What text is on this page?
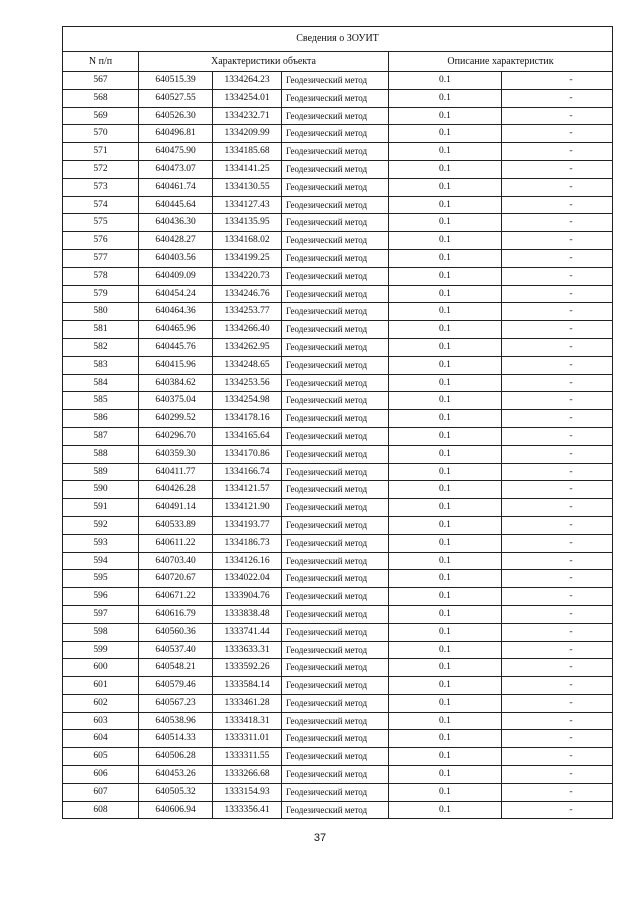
Сведения о ЗОУИТ					
N п/п	Характеристики объекта			Описание характеристик	
567	640515.39	1334264.23	Геодезический метод	0.1	-
568	640527.55	1334254.01	Геодезический метод	0.1	-
569	640526.30	1334232.71	Геодезический метод	0.1	-
570	640496.81	1334209.99	Геодезический метод	0.1	-
571	640475.90	1334185.68	Геодезический метод	0.1	-
572	640473.07	1334141.25	Геодезический метод	0.1	-
573	640461.74	1334130.55	Геодезический метод	0.1	-
574	640445.64	1334127.43	Геодезический метод	0.1	-
575	640436.30	1334135.95	Геодезический метод	0.1	-
576	640428.27	1334168.02	Геодезический метод	0.1	-
577	640403.56	1334199.25	Геодезический метод	0.1	-
578	640409.09	1334220.73	Геодезический метод	0.1	-
579	640454.24	1334246.76	Геодезический метод	0.1	-
580	640464.36	1334253.77	Геодезический метод	0.1	-
581	640465.96	1334266.40	Геодезический метод	0.1	-
582	640445.76	1334262.95	Геодезический метод	0.1	-
583	640415.96	1334248.65	Геодезический метод	0.1	-
584	640384.62	1334253.56	Геодезический метод	0.1	-
585	640375.04	1334254.98	Геодезический метод	0.1	-
586	640299.52	1334178.16	Геодезический метод	0.1	-
587	640296.70	1334165.64	Геодезический метод	0.1	-
588	640359.30	1334170.86	Геодезический метод	0.1	-
589	640411.77	1334166.74	Геодезический метод	0.1	-
590	640426.28	1334121.57	Геодезический метод	0.1	-
591	640491.14	1334121.90	Геодезический метод	0.1	-
592	640533.89	1334193.77	Геодезический метод	0.1	-
593	640611.22	1334186.73	Геодезический метод	0.1	-
594	640703.40	1334126.16	Геодезический метод	0.1	-
595	640720.67	1334022.04	Геодезический метод	0.1	-
596	640671.22	1333904.76	Геодезический метод	0.1	-
597	640616.79	1333838.48	Геодезический метод	0.1	-
598	640560.36	1333741.44	Геодезический метод	0.1	-
599	640537.40	1333633.31	Геодезический метод	0.1	-
600	640548.21	1333592.26	Геодезический метод	0.1	-
601	640579.46	1333584.14	Геодезический метод	0.1	-
602	640567.23	1333461.28	Геодезический метод	0.1	-
603	640538.96	1333418.31	Геодезический метод	0.1	-
604	640514.33	1333311.01	Геодезический метод	0.1	-
605	640506.28	1333311.55	Геодезический метод	0.1	-
606	640453.26	1333266.68	Геодезический метод	0.1	-
607	640505.32	1333154.93	Геодезический метод	0.1	-
608	640606.94	1333356.41	Геодезический метод	0.1	-
37
